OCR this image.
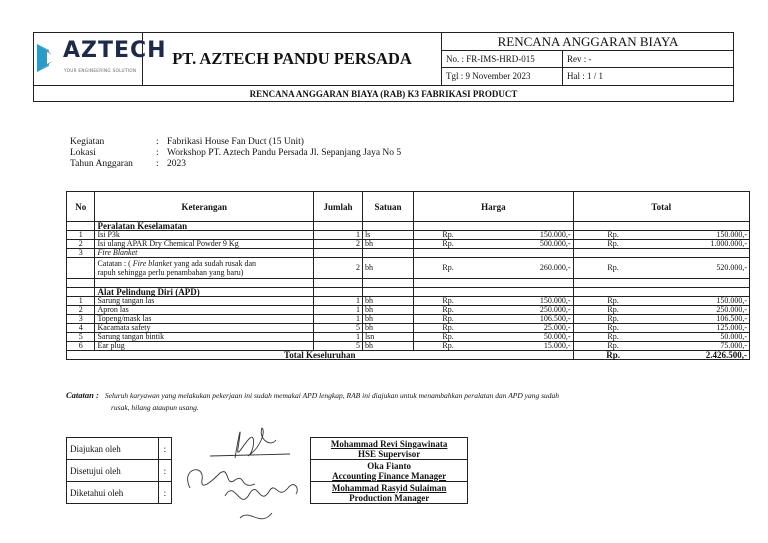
AZTECH
YOUR ENGINEERING SOLUTION
PT. AZTECH PANDU PERSADA
RENCANA ANGGARAN BIAYA
No. : FR-IMS-HRD-015	Rev : -
Tgl : 9 November 2023	Hal : 1 / 1
RENCANA ANGGARAN BIAYA (RAB) K3 FABRIKASI PRODUCT
Kegiatan	: Fabrikasi House Fan Duct (15 Unit)
Lokasi	: Workshop PT. Aztech Pandu Persada Jl. Sepanjang Jaya No 5
Tahun Anggaran	: 2023
No	Keterangan	Jumlah	Satuan	Harga		Total	
	Peralatan Keselamatan						
1	Isi P3k	1	ls	Rp.	150.000,-	Rp.	150.000,-
2	Isi ulang APAR Dry Chemical Powder 9 Kg	2	bh	Rp.	500.000,-	Rp.	1.000.000,-
3	Fire Blanket						
	Catatan : ( Fire blanket yang ada sudah rusak dan
rapuh sehingga perlu penambahan yang baru)	2	bh	Rp.	260.000,-	Rp.	520.000,-

	Alat Pelindung Diri (APD)						
1	Sarung tangan las	1	bh	Rp.	150.000,-	Rp.	150.000,-
2	Apron las	1	bh	Rp.	250.000,-	Rp.	250.000,-
3	Topeng/mask las	1	bh	Rp.	106.500,-	Rp.	106.500,-
4	Kacamata safety	5	bh	Rp.	25.000,-	Rp.	125.000,-
5	Sarung tangan bintik	1	lsn	Rp.	50.000,-	Rp.	50.000,-
6	Ear plug	5	bh	Rp.	15.000,-	Rp.	75.000,-
Total Keseluruhan						Rp.	2.426.500,-
Catatan : Seluruh karyawan yang melakukan pekerjaan ini sudah memakai APD lengkap, RAB ini diajukan untuk menambahkan peralatan dan APD yang sudah
rusak, hilang ataupun usang.
Diajukan oleh	:		Mohammad Revi Singawinata
HSE Supervisor

Disetujui oleh	:		Oka Fianto
Accounting Finance Manager

Diketahui oleh	:		Mohammad Rasyid Sulaiman
Production Manager
